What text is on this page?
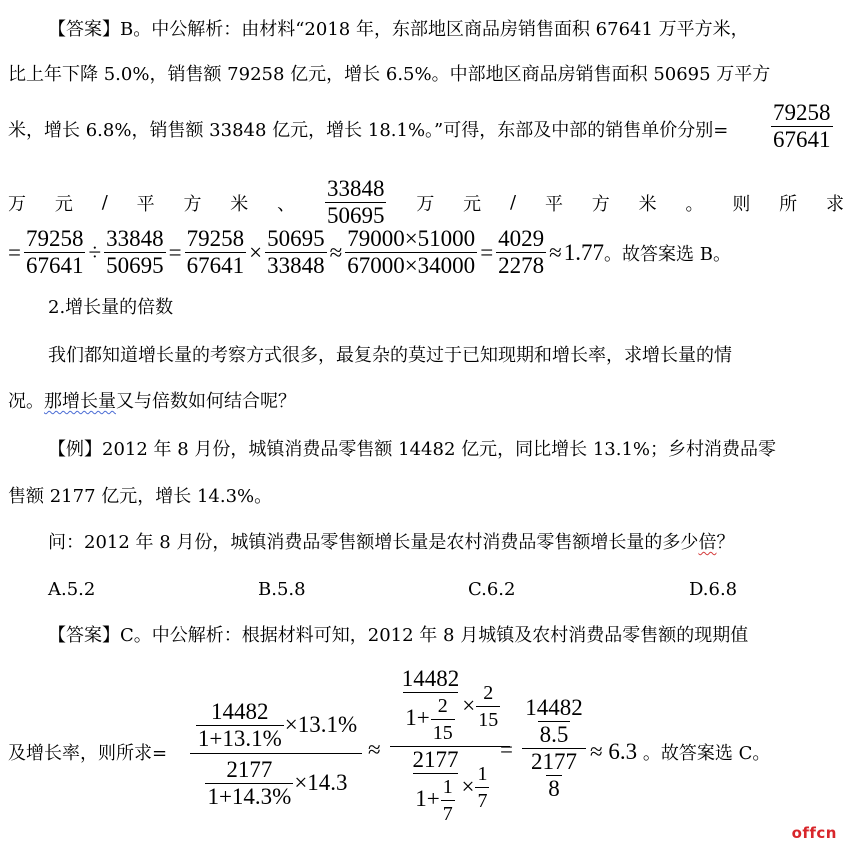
【答案】B。中公解析：由材料“2018 年，东部地区商品房销售面积 67641 万平方米，
比上年下降 5.0%，销售额 79258 亿元，增长 6.5%。中部地区商品房销售面积 50695 万平方
米，增长 6.8%，销售额 33848 亿元，增长 18.1%。”可得，东部及中部的销售单价分别= $\frac{79258}{67641}$
万 元 / 平 方 米 、 $\frac{33848}{50695}$ 万 元 / 平 方 米 。 则 所 求
= $\frac{79258}{67641} \div \frac{33848}{50695} = \frac{79258}{67641} \times \frac{50695}{33848} \approx \frac{79000\times 51000}{67000\times 34000} = \frac{4029}{2278} \approx 1.77$ 。故答案选 B。
2.增长量的倍数
我们都知道增长量的考察方式很多，最复杂的莫过于已知现期和增长率，求增长量的情
况。那增长量又与倍数如何结合呢？
【例】2012 年 8 月份，城镇消费品零售额 14482 亿元，同比增长 13.1%；乡村消费品零
售额 2177 亿元，增长 14.3%。
问：2012 年 8 月份，城镇消费品零售额增长量是农村消费品零售额增长量的多少倍？
A.5.2	B.5.8	C.6.2	D.6.8
【答案】C。中公解析：根据材料可知，2012 年 8 月城镇及农村消费品零售额的现期值
及增长率，则所求=
$\frac{14482}{1+13.1\%} \times 13.1\%$
$\frac{2177}{1+14.3\%} \times 14.3$
≈
$\frac{14482}{1+ \frac{2}{15}} \times \frac{2}{15}$
$\frac{2177}{1+ \frac{1}{7}} \times \frac{1}{7}$
=
14482
8.5
2177
8
≈ 6.3 。故答案选 C。
offcn
